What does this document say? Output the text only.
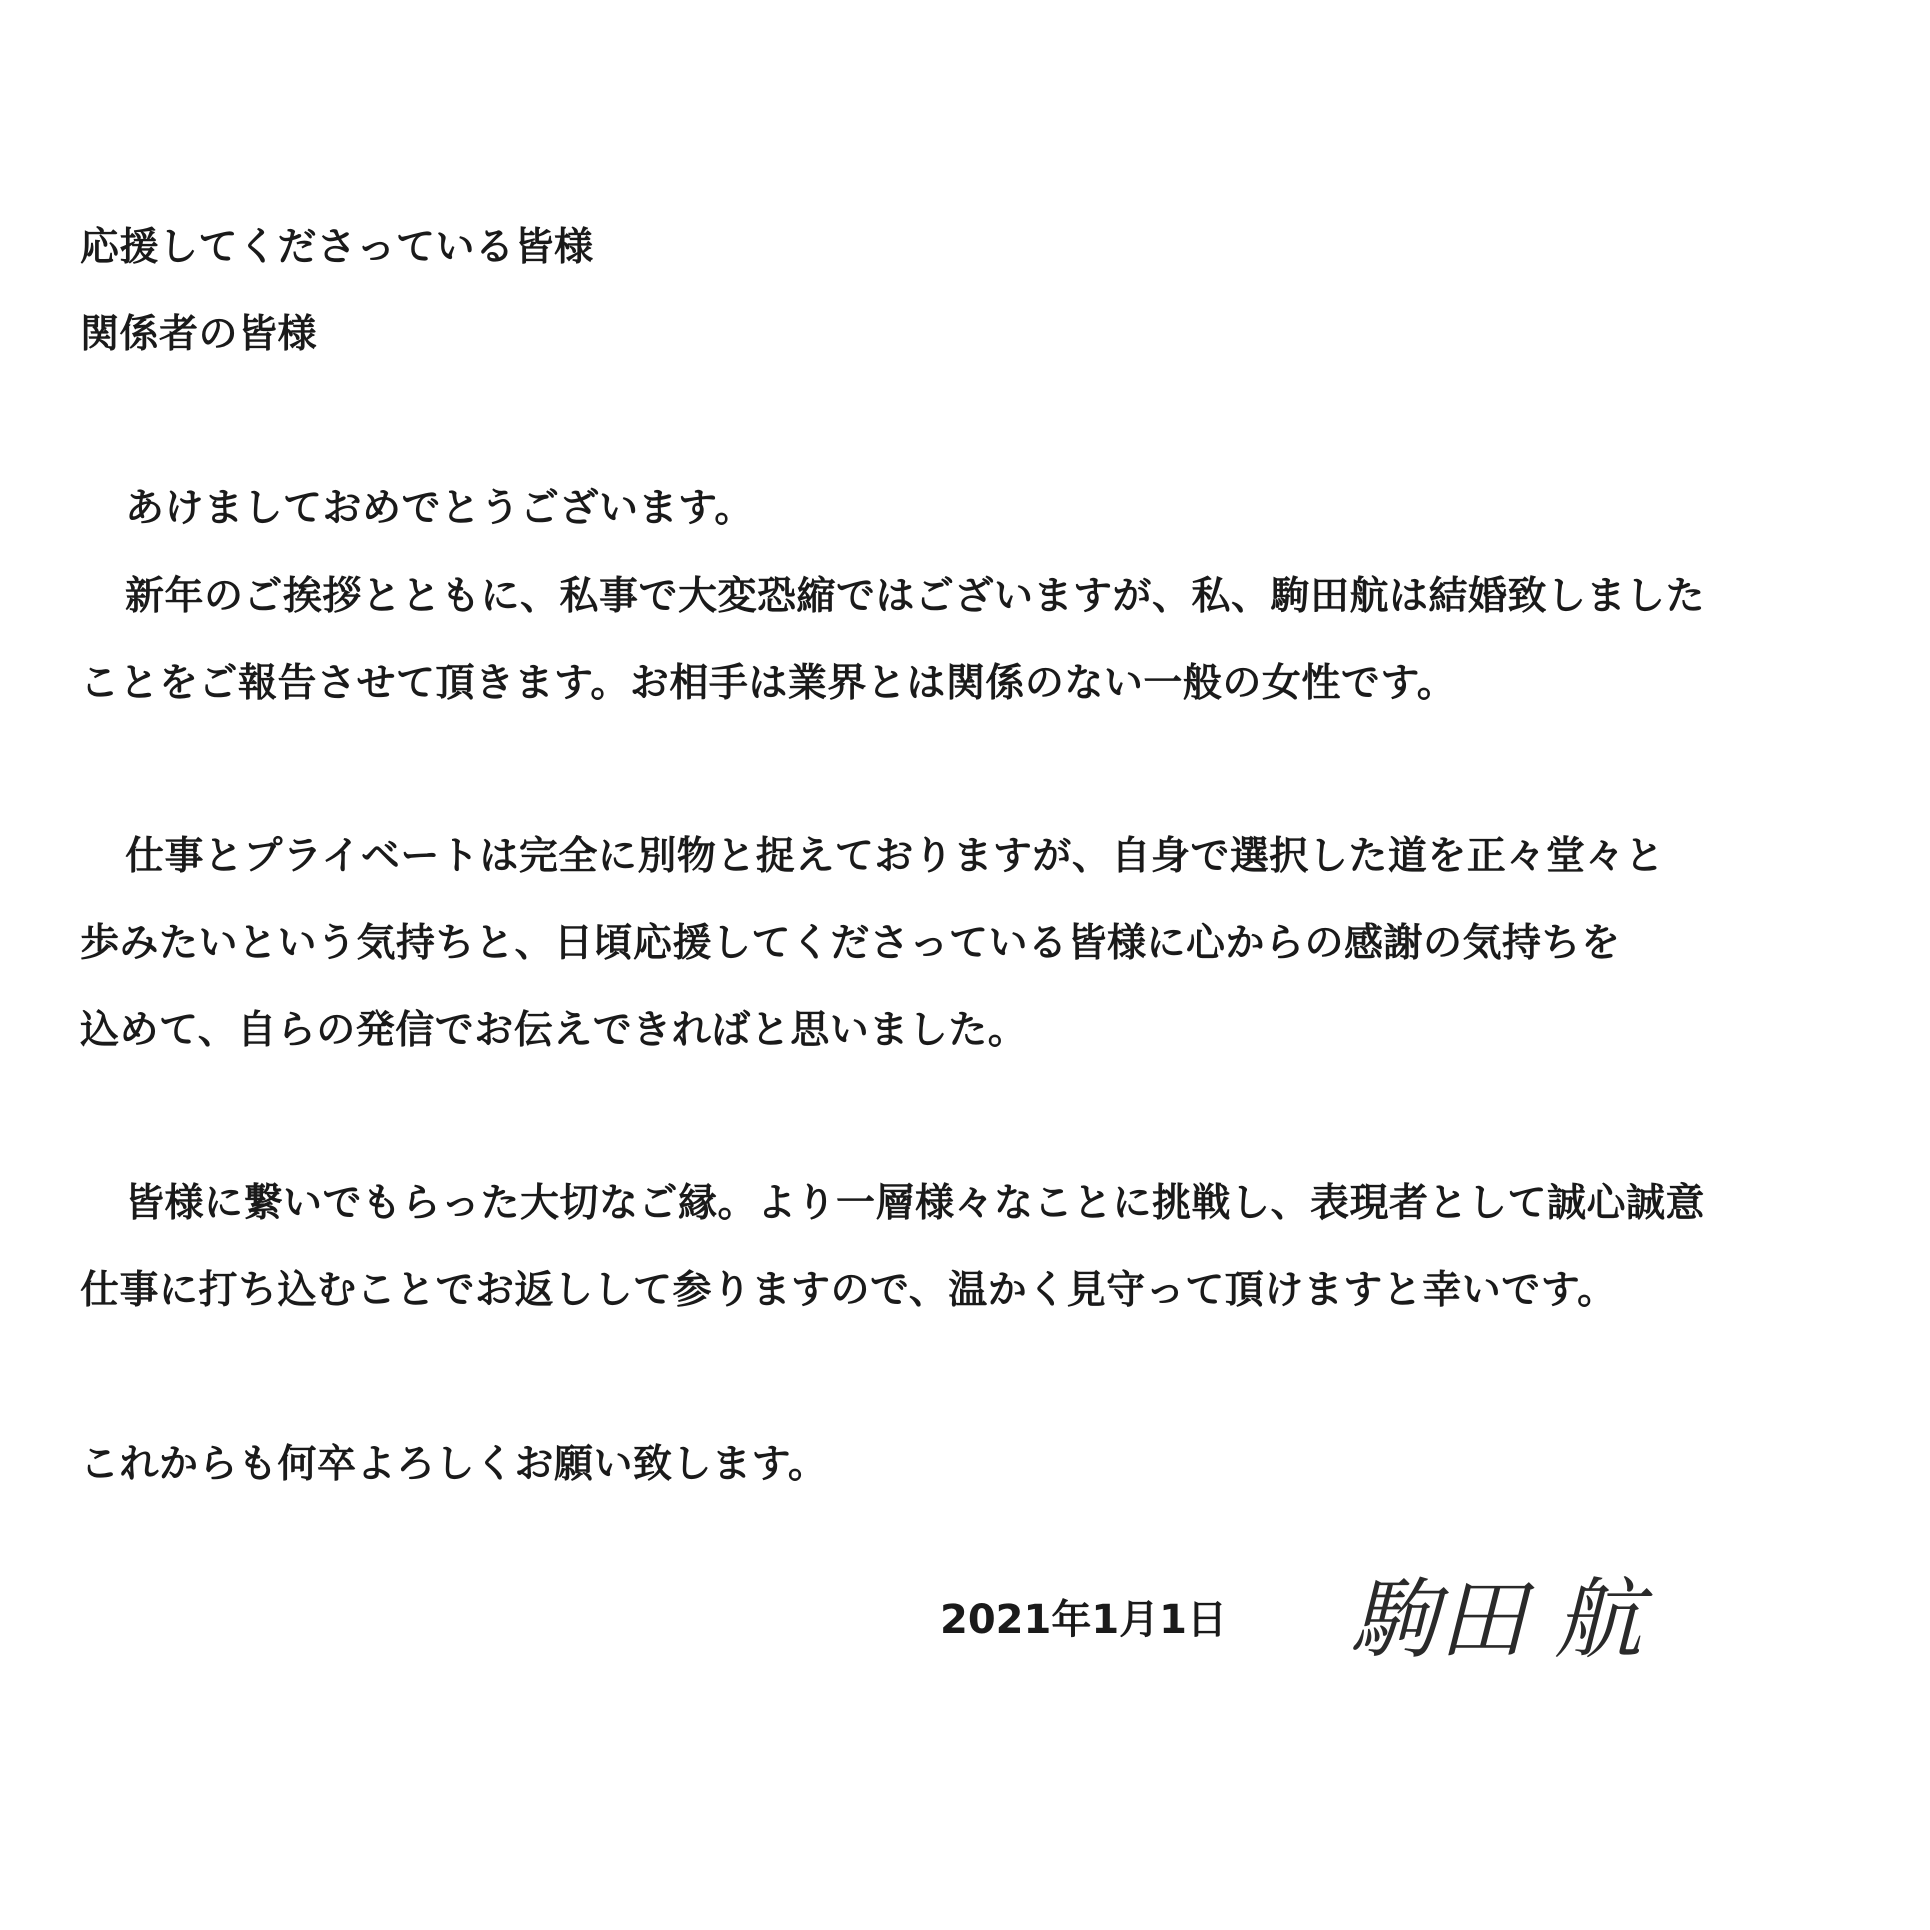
応援してくださっている皆様
関係者の皆様
あけましておめでとうございます。
新年のご挨拶とともに、私事で大変恐縮ではございますが、私、駒田航は結婚致しました
ことをご報告させて頂きます。お相手は業界とは関係のない一般の女性です。
仕事とプライベートは完全に別物と捉えておりますが、自身で選択した道を正々堂々と
歩みたいという気持ちと、日頃応援してくださっている皆様に心からの感謝の気持ちを
込めて、自らの発信でお伝えできればと思いました。
皆様に繋いでもらった大切なご縁。より一層様々なことに挑戦し、表現者として誠心誠意
仕事に打ち込むことでお返しして参りますので、温かく見守って頂けますと幸いです。
これからも何卒よろしくお願い致します。
2021年1月1日 駒田 航
